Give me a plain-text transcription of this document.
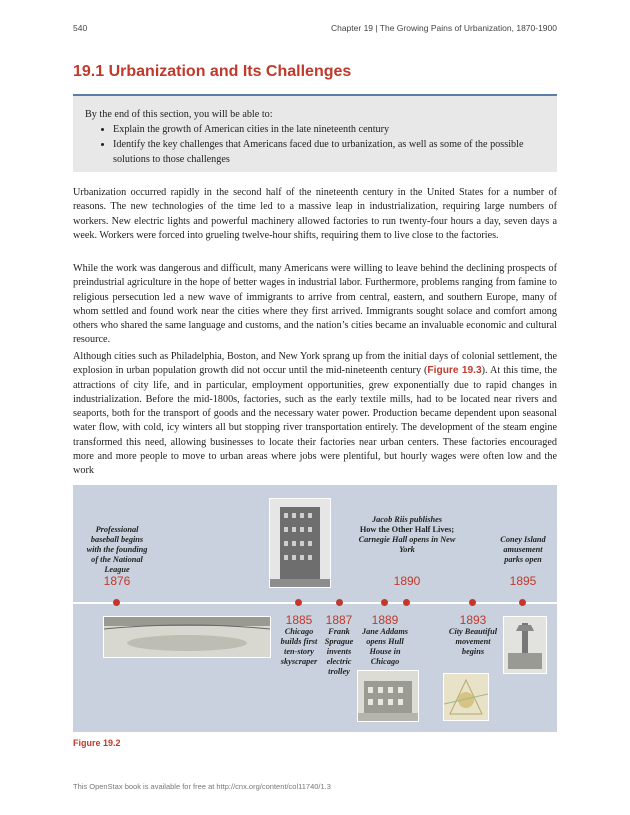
540	Chapter 19 | The Growing Pains of Urbanization, 1870-1900
19.1 Urbanization and Its Challenges
By the end of this section, you will be able to:
• Explain the growth of American cities in the late nineteenth century
• Identify the key challenges that Americans faced due to urbanization, as well as some of the possible solutions to those challenges

Urbanization occurred rapidly in the second half of the nineteenth century in the United States for a number of reasons. The new technologies of the time led to a massive leap in industrialization, requiring large numbers of workers. New electric lights and powerful machinery allowed factories to run twenty-four hours a day, seven days a week. Workers were forced into grueling twelve-hour shifts, requiring them to live close to the factories.

While the work was dangerous and difficult, many Americans were willing to leave behind the declining prospects of preindustrial agriculture in the hope of better wages in industrial labor. Furthermore, problems ranging from famine to religious persecution led a new wave of immigrants to arrive from central, eastern, and southern Europe, many of whom settled and found work near the cities where they first arrived. Immigrants sought solace and comfort among others who shared the same language and customs, and the nation’s cities became an invaluable economic and cultural resource.

Although cities such as Philadelphia, Boston, and New York sprang up from the initial days of colonial settlement, the explosion in urban population growth did not occur until the mid-nineteenth century (Figure 19.3). At this time, the attractions of city life, and in particular, employment opportunities, grew exponentially due to rapid changes in industrialization. Before the mid-1800s, factories, such as the early textile mills, had to be located near rivers and seaports, both for the transport of goods and the necessary water power. Production became dependent upon seasonal water flow, with cold, icy winters all but stopping river transportation entirely. The development of the steam engine transformed this need, allowing businesses to locate their factories near urban centers. These factories encouraged more and more people to move to urban areas where jobs were plentiful, but hourly wages were often low and the work

Professional baseball begins with the founding of the National League
1876
1885
Chicago builds first ten-story skyscraper
1887
Frank Sprague invents electric trolley
1889
Jane Addams opens Hull House in Chicago
Jacob Riis publishes
How the Other Half Lives;
Carnegie Hall opens in New York
1890
1893
City Beautiful movement begins
Coney Island amusement parks open
1895
Figure 19.2
This OpenStax book is available for free at http://cnx.org/content/col11740/1.3
